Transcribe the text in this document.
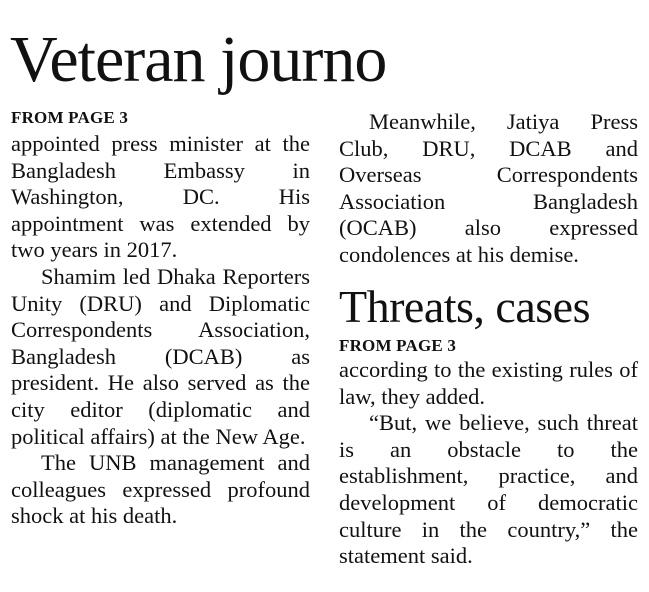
Veteran journo
FROM PAGE 3

appointed press minister at the Bangladesh Embassy in Washington, DC. His appointment was extended by two years in 2017.

Shamim led Dhaka Reporters Unity (DRU) and Diplomatic Correspondents Association, Bangladesh (DCAB) as president. He also served as the city editor (diplomatic and political affairs) at the New Age.

The UNB management and colleagues expressed profound shock at his death.

Meanwhile, Jatiya Press Club, DRU, DCAB and Overseas Correspondents Association Bangladesh (OCAB) also expressed condolences at his demise.

Threats, cases
FROM PAGE 3

according to the existing rules of law, they added.

“But, we believe, such threat is an obstacle to the establishment, practice, and development of democratic culture in the country,” the statement said.
